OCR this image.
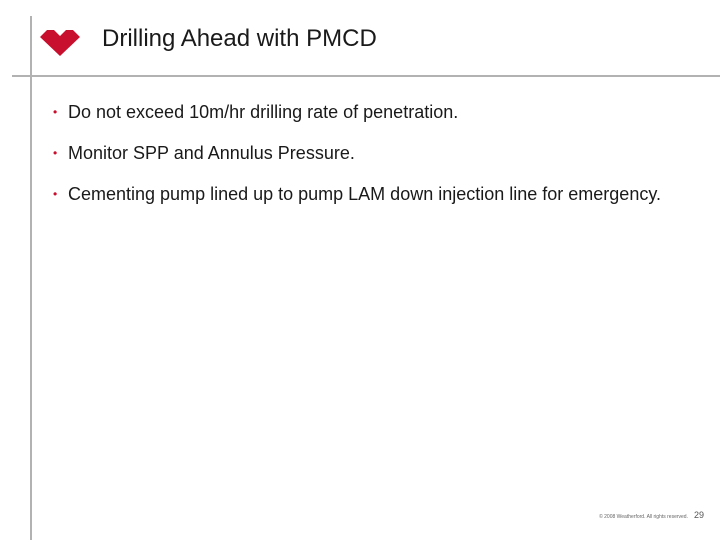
Drilling Ahead with PMCD
• Do not exceed 10m/hr drilling rate of penetration.
• Monitor SPP and Annulus Pressure.
• Cementing pump lined up to pump LAM down injection line for emergency.
© 2008 Weatherford. All rights reserved. 29
